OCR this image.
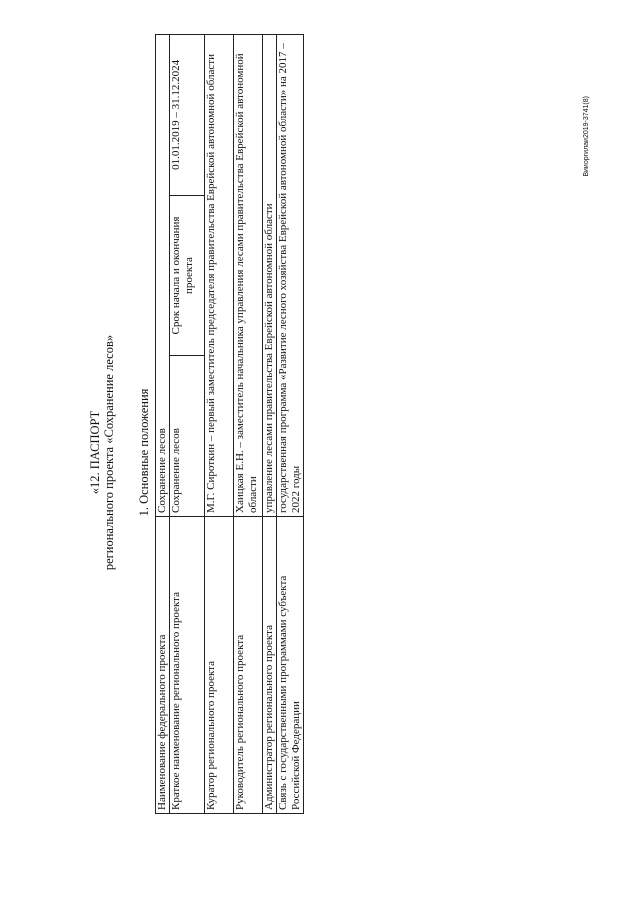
«12. ПАСПОРТ регионального проекта «Сохранение лесов» 1. Основные положения
Наименование федерального проекта	Сохранение лесов		
Краткое наименование регионального проекта	Сохранение лесов	Срок начала и окончания проекта	01.01.2019 – 31.12.2024
Куратор регионального проекта	М.Г. Сироткин – первый заместитель председателя правительства Еврейской автономной области		
Руководитель регионального проекта	Хаицкая Е.Н. – заместитель начальника управления лесами правительства Еврейской автономной области		
Администратор регионального проекта	управление лесами правительства Еврейской автономной области		
Связь с государственными программами субъекта Российской Федерации	государственная программа «Развитие лесного хозяйства Еврейской автономной области» на 2017 – 2022 годы		
Вииоргилаи2019-3741(8)
